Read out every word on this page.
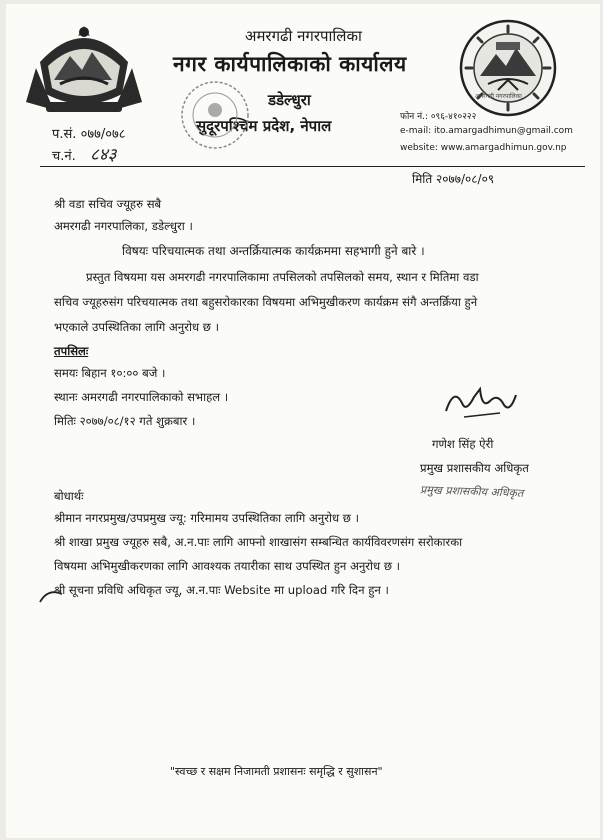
अमरगढी नगरपालिका
अमरगढी नगरपालिका
नगर कार्यपालिकाको कार्यालय
डडेल्धुरा
सुदूरपश्चिम प्रदेश, नेपाल	फोन नं.: ०९६-४१०२२२
e-mail: ito.amargadhimun@gmail.com
website: www.amargadhimun.gov.np
प.सं. ०७७/०७८
च.नं. ८४३
मिति २०७७/०८/०९
श्री वडा सचिव ज्यूहरु सबै
अमरगढी नगरपालिका, डडेल्धुरा ।
विषयः परिचयात्मक तथा अन्तर्क्रियात्मक कार्यक्रममा सहभागी हुने बारे ।
प्रस्तुत विषयमा यस अमरगढी नगरपालिकामा तपसिलको तपसिलको समय, स्थान र मितिमा वडा
सचिव ज्यूहरुसंग परिचयात्मक तथा बहुसरोकारका विषयमा अभिमुखीकरण कार्यक्रम संगै अन्तर्क्रिया हुने
भएकाले उपस्थितिका लागि अनुरोध छ ।
तपसिलः
समयः बिहान १०:०० बजे ।
स्थानः अमरगढी नगरपालिकाको सभाहल ।
मितिः २०७७/०८/१२ गते शुक्रबार ।
गणेश सिंह ऐरी
प्रमुख प्रशासकीय अधिकृत
प्रमुख प्रशासकीय अधिकृत
बोधार्थः
श्रीमान नगरप्रमुख/उपप्रमुख ज्यू: गरिमामय उपस्थितिका लागि अनुरोध छ ।
श्री शाखा प्रमुख ज्यूहरु सबै, अ.न.पाः लागि आफ्नो शाखासंग सम्बन्धित कार्यविवरणसंग सरोकारका
विषयमा अभिमुखीकरणका लागि आवश्यक तयारीका साथ उपस्थित हुन अनुरोध छ ।
श्री सूचना प्रविधि अधिकृत ज्यू, अ.न.पाः Website मा upload गरि दिन हुन ।
"स्वच्छ र सक्षम निजामती प्रशासनः समृद्धि र सुशासन"
